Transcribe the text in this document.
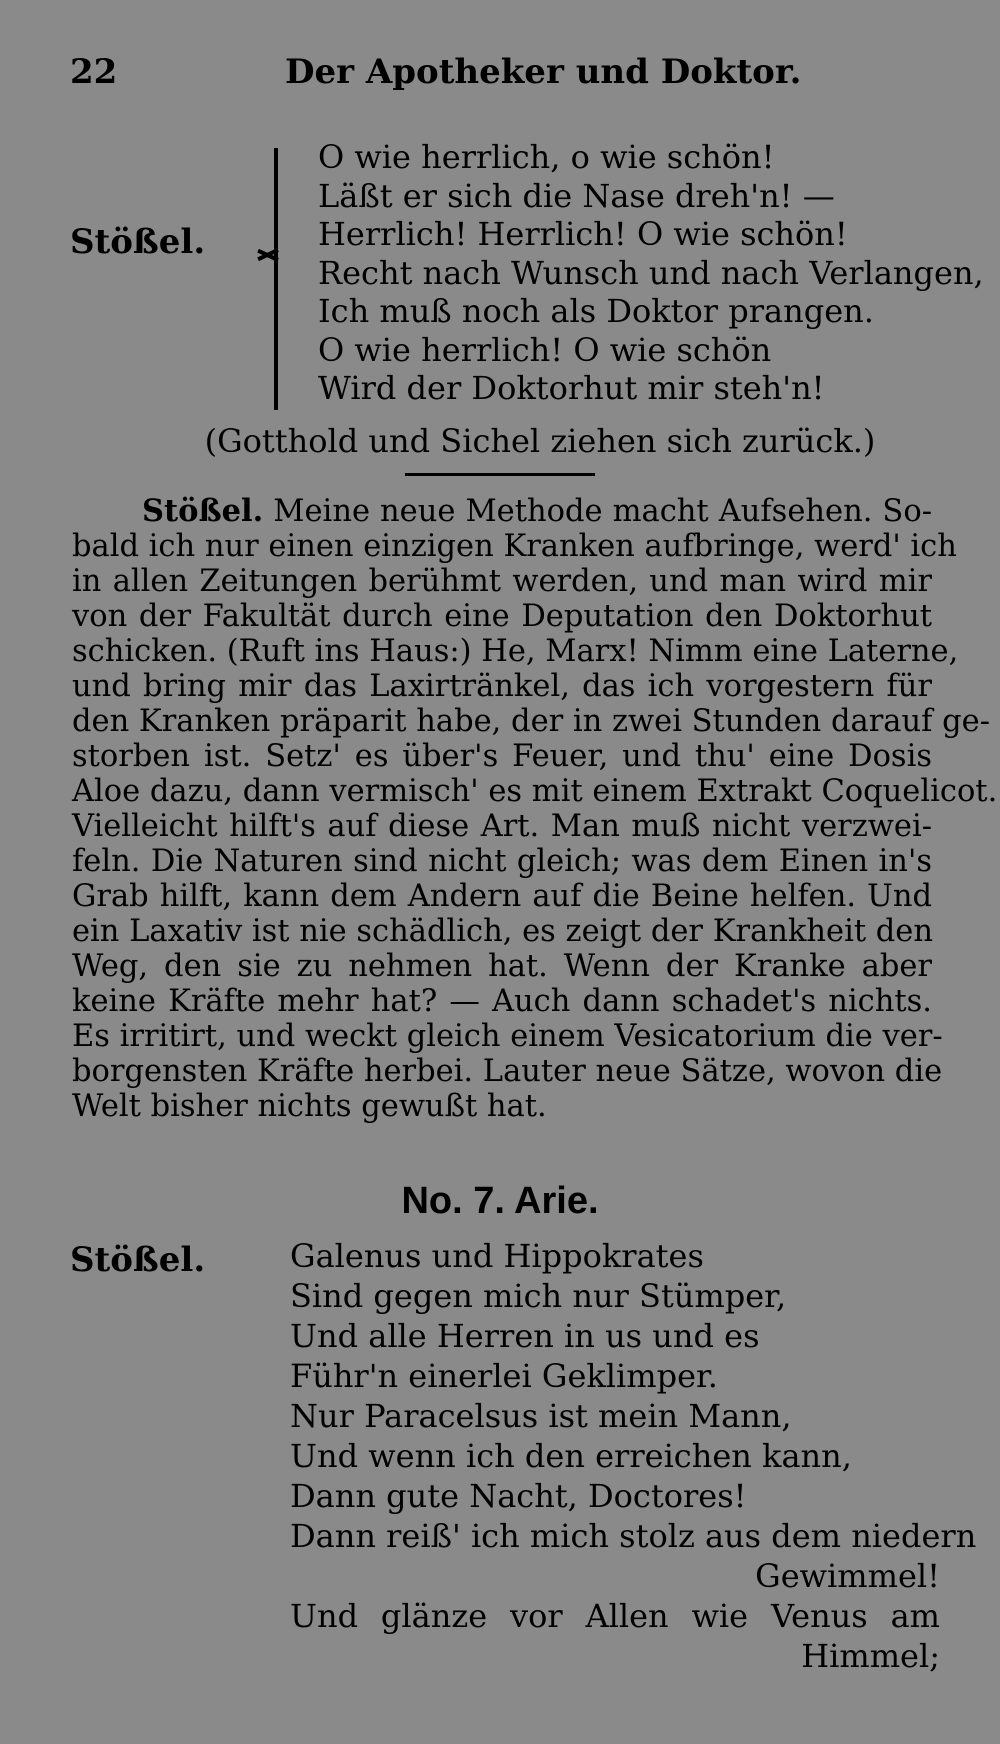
22	Der Apotheker und Doktor.
Stößel.
O wie herrlich, o wie schön!
Läßt er sich die Nase dreh'n! —
Herrlich! Herrlich! O wie schön!
Recht nach Wunsch und nach Verlangen,
Ich muß noch als Doktor prangen.
O wie herrlich! O wie schön
Wird der Doktorhut mir steh'n!
(Gotthold und Sichel ziehen sich zurück.)
Stößel. Meine neue Methode macht Aufsehen. So-
bald ich nur einen einzigen Kranken aufbringe, werd' ich
in allen Zeitungen berühmt werden, und man wird mir
von der Fakultät durch eine Deputation den Doktorhut
schicken. (Ruft ins Haus:) He, Marx! Nimm eine Laterne,
und bring mir das Laxirtränkel, das ich vorgestern für
den Kranken präparit habe, der in zwei Stunden darauf ge-
storben ist. Setz' es über's Feuer, und thu' eine Dosis
Aloe dazu, dann vermisch' es mit einem Extrakt Coquelicot.
Vielleicht hilft's auf diese Art. Man muß nicht verzwei-
feln. Die Naturen sind nicht gleich; was dem Einen in's
Grab hilft, kann dem Andern auf die Beine helfen. Und
ein Laxativ ist nie schädlich, es zeigt der Krankheit den
Weg, den sie zu nehmen hat. Wenn der Kranke aber
keine Kräfte mehr hat? — Auch dann schadet's nichts.
Es irritirt, und weckt gleich einem Vesicatorium die ver-
borgensten Kräfte herbei. Lauter neue Sätze, wovon die
Welt bisher nichts gewußt hat.
No. 7. Arie.
Stößel.	Galenus und Hippokrates
Sind gegen mich nur Stümper,
Und alle Herren in us und es
Führ'n einerlei Geklimper.
Nur Paracelsus ist mein Mann,
Und wenn ich den erreichen kann,
Dann gute Nacht, Doctores!
Dann reiß' ich mich stolz aus dem niedern
Gewimmel!
Und glänze vor Allen wie Venus am
Himmel;
